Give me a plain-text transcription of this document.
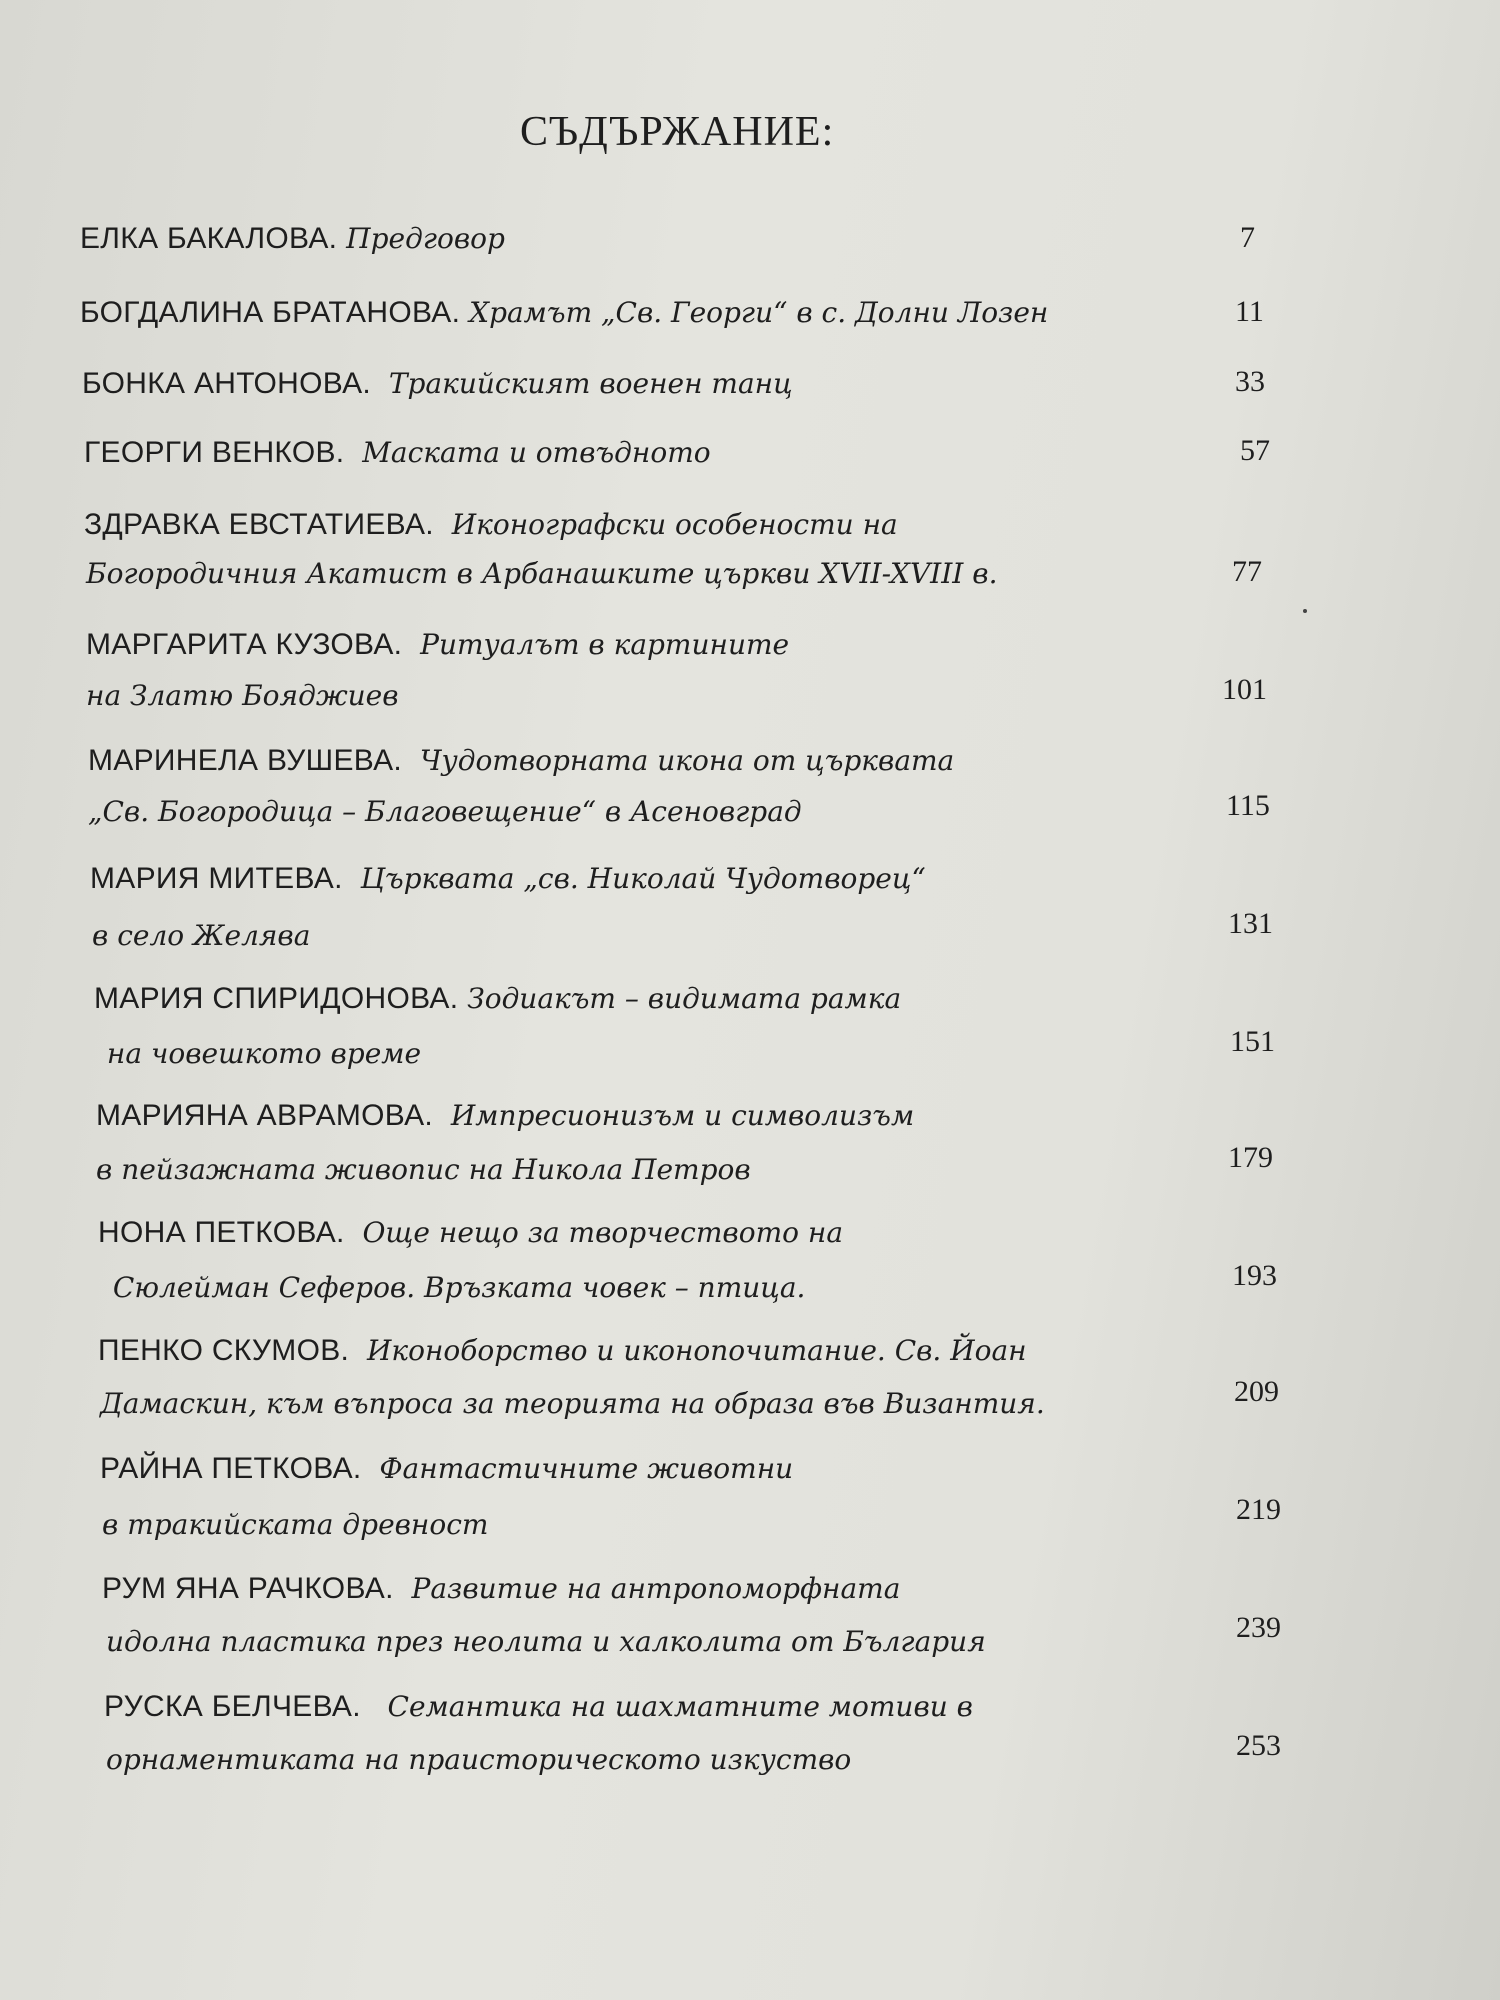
СЪДЪРЖАНИЕ:
ЕЛКА БАКАЛОВА. Предговор	7
БОГДАЛИНА БРАТАНОВА. Храмът „Св. Георги“ в с. Долни Лозен	11
БОНКА АНТОНОВА.  Тракийският военен танц	33
ГЕОРГИ ВЕНКОВ.  Маската и отвъдното	57
ЗДРАВКА ЕВСТАТИЕВА.  Иконографски особености на
Богородичния Акатист в Арбанашките църкви XVII-XVIII в.	77
МАРГАРИТА КУЗОВА.  Ритуалът в картините
на Златю Бояджиев	101
МАРИНЕЛА ВУШЕВА.  Чудотворната икона от църквата
„Св. Богородица – Благовещение“ в Асеновград	115
МАРИЯ МИТЕВА.  Църквата „св. Николай Чудотворец“
в село Желява	131
МАРИЯ СПИРИДОНОВА. Зодиакът – видимата рамка
на човешкото време	151
МАРИЯНА АВРАМОВА.  Импресионизъм и символизъм
в пейзажната живопис на Никола Петров	179
НОНА ПЕТКОВА.  Още нещо за творчеството на
Сюлейман Сеферов. Връзката човек – птица.	193
ПЕНКО СКУМОВ.  Иконоборство и иконопочитание. Св. Йоан
Дамаскин, към въпроса за теорията на образа във Византия.	209
РАЙНА ПЕТКОВА.  Фантастичните животни
в тракийската древност	219
РУМ ЯНА РАЧКОВА.  Развитие на антропоморфната
идолна пластика през неолита и халколита от България	239
РУСКА БЕЛЧЕВА.   Семантика на шахматните мотиви в
орнаментиката на праисторическото изкуство	253
